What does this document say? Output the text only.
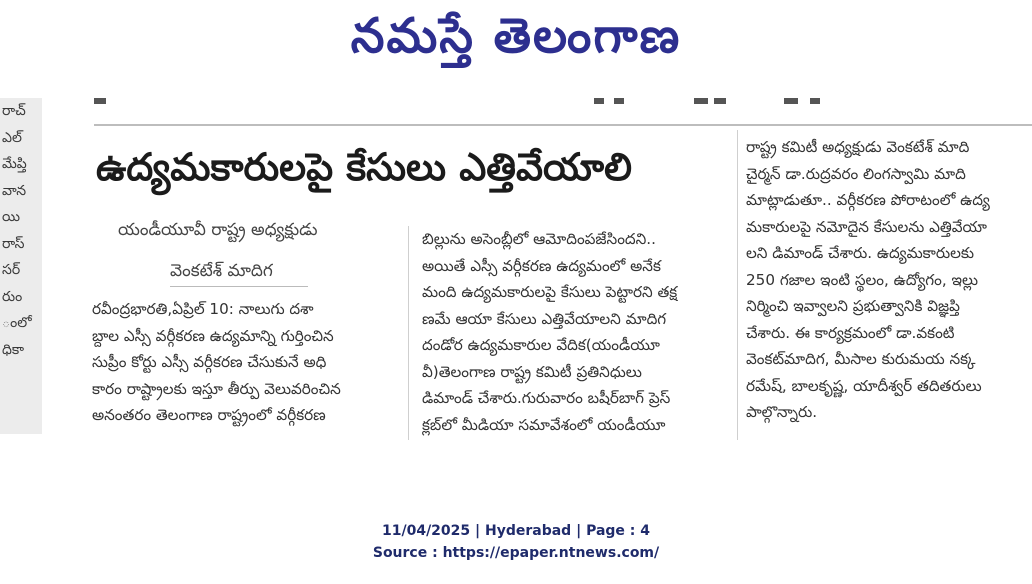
నమస్తే తెలంగాణ
రాచ్
ఎల్
మేప్తి
వాన
యి
రాస్
సర్
రుం
ంలో
ధికా
ఉద్యమకారులపై కేసులు ఎత్తివేయాలి
యండీయూవీ రాష్ట్ర అధ్యక్షుడు
వెంకటేశ్ మాదిగ
రవీంద్రభారతి,ఏప్రిల్ 10: నాలుగు దశా
బ్దాల ఎస్సీ వర్గీకరణ ఉద్యమాన్ని గుర్తించిన
సుప్రీం కోర్టు ఎస్సీ వర్గీకరణ చేసుకునే అధి
కారం రాష్ట్రాలకు ఇస్తూ తీర్పు వెలువరించిన
అనంతరం తెలంగాణ రాష్ట్రంలో వర్గీకరణ
బిల్లును అసెంబ్లీలో ఆమోదింపజేసిందని..
అయితే ఎస్సీ వర్గీకరణ ఉద్యమంలో అనేక
మంది ఉద్యమకారులపై కేసులు పెట్టారని తక్ష
ణమే ఆయా కేసులు ఎత్తివేయాలని మాదిగ
దండోర ఉద్యమకారుల వేదిక(యండీయూ
వీ)తెలంగాణ రాష్ట్ర కమిటీ ప్రతినిధులు
డిమాండ్ చేశారు.గురువారం బషీర్‌బాగ్ ప్రెస్
క్లబ్‌లో మీడియా సమావేశంలో యండీయూ
రాష్ట్ర కమిటీ అధ్యక్షుడు వెంకటేశ్ మాది
చైర్మన్ డా.రుద్రవరం లింగస్వామి మాది
మాట్లాడుతూ.. వర్గీకరణ పోరాటంలో ఉద్య
మకారులపై నమోదైన కేసులను ఎత్తివేయా
లని డిమాండ్ చేశారు. ఉద్యమకారులకు
250 గజాల ఇంటి స్థలం, ఉద్యోగం, ఇల్లు
నిర్మించి ఇవ్వాలని ప్రభుత్వానికి విజ్ఞప్తి
చేశారు. ఈ కార్యక్రమంలో డా.వకంటి
వెంకట్‌మాదిగ, మీసాల కురుమయ నక్క
రమేష్, బాలకృష్ణ, యాదీశ్వర్ తదితరులు
పాల్గొన్నారు.
11/04/2025 | Hyderabad | Page : 4
Source : https://epaper.ntnews.com/
